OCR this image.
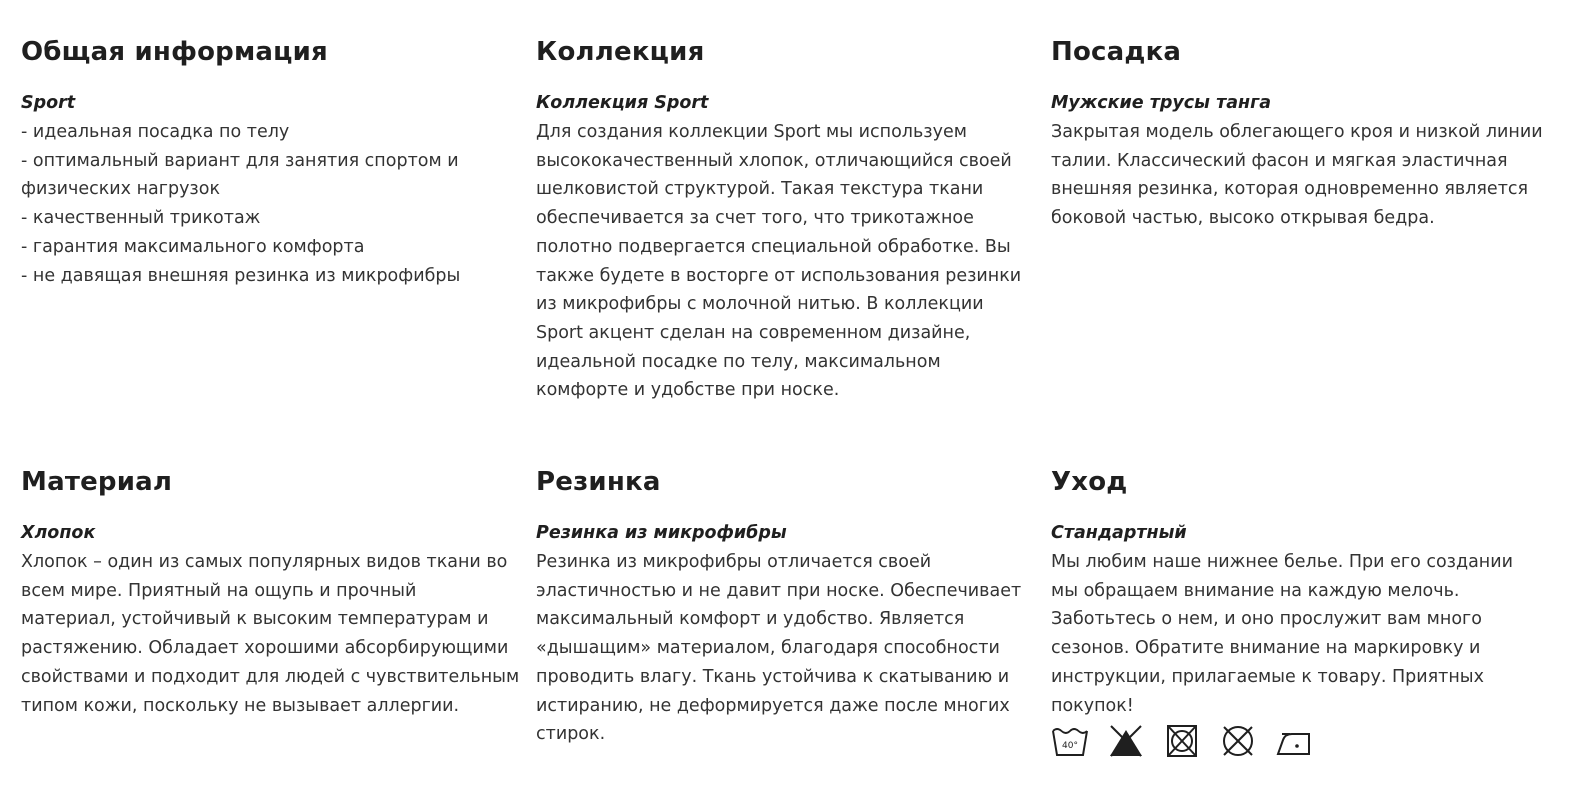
Общая информация
Sport
- идеальная посадка по телу
- оптимальный вариант для занятия спортом и
физических нагрузок
- качественный трикотаж
- гарантия максимального комфорта
- не давящая внешняя резинка из микрофибры
Коллекция
Коллекция Sport
Для создания коллекции Sport мы используем
высококачественный хлопок, отличающийся своей
шелковистой структурой. Такая текстура ткани
обеспечивается за счет того, что трикотажное
полотно подвергается специальной обработке. Вы
также будете в восторге от использования резинки
из микрофибры с молочной нитью. В коллекции
Sport акцент сделан на современном дизайне,
идеальной посадке по телу, максимальном
комфорте и удобстве при носке.
Посадка
Мужские трусы танга
Закрытая модель облегающего кроя и низкой линии
талии. Классический фасон и мягкая эластичная
внешняя резинка, которая одновременно является
боковой частью, высоко открывая бедра.
Материал
Хлопок
Хлопок – один из самых популярных видов ткани во
всем мире. Приятный на ощупь и прочный
материал, устойчивый к высоким температурам и
растяжению. Обладает хорошими абсорбирующими
свойствами и подходит для людей с чувствительным
типом кожи, поскольку не вызывает аллергии.
Резинка
Резинка из микрофибры
Резинка из микрофибры отличается своей
эластичностью и не давит при носке. Обеспечивает
максимальный комфорт и удобство. Является
«дышащим» материалом, благодаря способности
проводить влагу. Ткань устойчива к скатыванию и
истиранию, не деформируется даже после многих
стирок.
Уход
Стандартный
Мы любим наше нижнее белье. При его создании
мы обращаем внимание на каждую мелочь.
Заботьтесь о нем, и оно прослужит вам много
сезонов. Обратите внимание на маркировку и
инструкции, прилагаемые к товару. Приятных
покупок!
40°
